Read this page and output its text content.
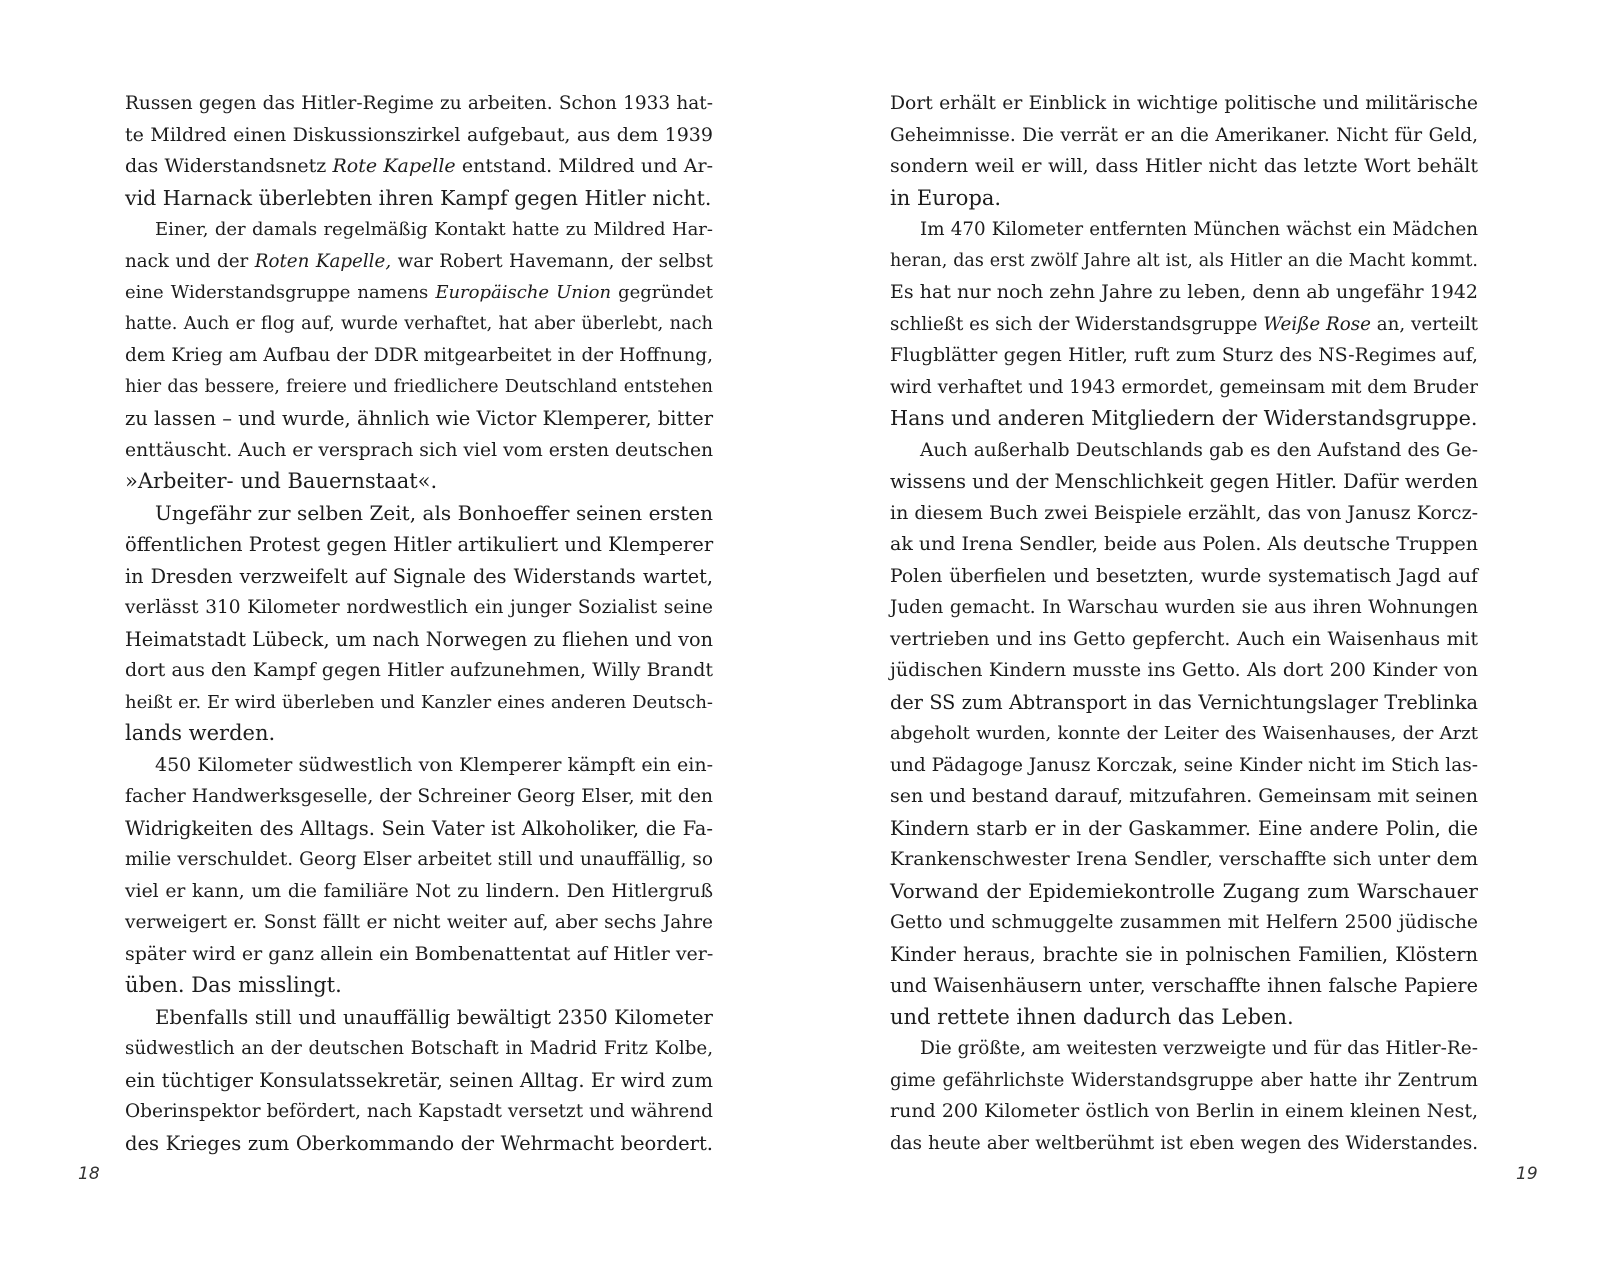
Russen gegen das Hitler-Regime zu arbeiten. Schon 1933 hat-
te Mildred einen Diskussionszirkel aufgebaut, aus dem 1939
das Widerstandsnetz Rote Kapelle entstand. Mildred und Ar-
vid Harnack überlebten ihren Kampf gegen Hitler nicht.
Einer, der damals regelmäßig Kontakt hatte zu Mildred Har-
nack und der Roten Kapelle, war Robert Havemann, der selbst
eine Widerstandsgruppe namens Europäische Union gegründet
hatte. Auch er flog auf, wurde verhaftet, hat aber überlebt, nach
dem Krieg am Aufbau der DDR mitgearbeitet in der Hoffnung,
hier das bessere, freiere und friedlichere Deutschland entstehen
zu lassen – und wurde, ähnlich wie Victor Klemperer, bitter
enttäuscht. Auch er versprach sich viel vom ersten deutschen
»Arbeiter- und Bauernstaat«.
Ungefähr zur selben Zeit, als Bonhoeffer seinen ersten
öffentlichen Protest gegen Hitler artikuliert und Klemperer
in Dresden verzweifelt auf Signale des Widerstands wartet,
verlässt 310 Kilometer nordwestlich ein junger Sozialist seine
Heimatstadt Lübeck, um nach Norwegen zu fliehen und von
dort aus den Kampf gegen Hitler aufzunehmen, Willy Brandt
heißt er. Er wird überleben und Kanzler eines anderen Deutsch-
lands werden.
450 Kilometer südwestlich von Klemperer kämpft ein ein-
facher Handwerksgeselle, der Schreiner Georg Elser, mit den
Widrigkeiten des Alltags. Sein Vater ist Alkoholiker, die Fa-
milie verschuldet. Georg Elser arbeitet still und unauffällig, so
viel er kann, um die familiäre Not zu lindern. Den Hitlergruß
verweigert er. Sonst fällt er nicht weiter auf, aber sechs Jahre
später wird er ganz allein ein Bombenattentat auf Hitler ver-
üben. Das misslingt.
Ebenfalls still und unauffällig bewältigt 2350 Kilometer
südwestlich an der deutschen Botschaft in Madrid Fritz Kolbe,
ein tüchtiger Konsulatssekretär, seinen Alltag. Er wird zum
Oberinspektor befördert, nach Kapstadt versetzt und während
des Krieges zum Oberkommando der Wehrmacht beordert.
18
Dort erhält er Einblick in wichtige politische und militärische
Geheimnisse. Die verrät er an die Amerikaner. Nicht für Geld,
sondern weil er will, dass Hitler nicht das letzte Wort behält
in Europa.
Im 470 Kilometer entfernten München wächst ein Mädchen
heran, das erst zwölf Jahre alt ist, als Hitler an die Macht kommt.
Es hat nur noch zehn Jahre zu leben, denn ab ungefähr 1942
schließt es sich der Widerstandsgruppe Weiße Rose an, verteilt
Flugblätter gegen Hitler, ruft zum Sturz des NS-Regimes auf,
wird verhaftet und 1943 ermordet, gemeinsam mit dem Bruder
Hans und anderen Mitgliedern der Widerstandsgruppe.
Auch außerhalb Deutschlands gab es den Aufstand des Ge-
wissens und der Menschlichkeit gegen Hitler. Dafür werden
in diesem Buch zwei Beispiele erzählt, das von Janusz Korcz-
ak und Irena Sendler, beide aus Polen. Als deutsche Truppen
Polen überfielen und besetzten, wurde systematisch Jagd auf
Juden gemacht. In Warschau wurden sie aus ihren Wohnungen
vertrieben und ins Getto gepfercht. Auch ein Waisenhaus mit
jüdischen Kindern musste ins Getto. Als dort 200 Kinder von
der SS zum Abtransport in das Vernichtungslager Treblinka
abgeholt wurden, konnte der Leiter des Waisenhauses, der Arzt
und Pädagoge Janusz Korczak, seine Kinder nicht im Stich las-
sen und bestand darauf, mitzufahren. Gemeinsam mit seinen
Kindern starb er in der Gaskammer. Eine andere Polin, die
Krankenschwester Irena Sendler, verschaffte sich unter dem
Vorwand der Epidemiekontrolle Zugang zum Warschauer
Getto und schmuggelte zusammen mit Helfern 2500 jüdische
Kinder heraus, brachte sie in polnischen Familien, Klöstern
und Waisenhäusern unter, verschaffte ihnen falsche Papiere
und rettete ihnen dadurch das Leben.
Die größte, am weitesten verzweigte und für das Hitler-Re-
gime gefährlichste Widerstandsgruppe aber hatte ihr Zentrum
rund 200 Kilometer östlich von Berlin in einem kleinen Nest,
das heute aber weltberühmt ist eben wegen des Widerstandes.
19
